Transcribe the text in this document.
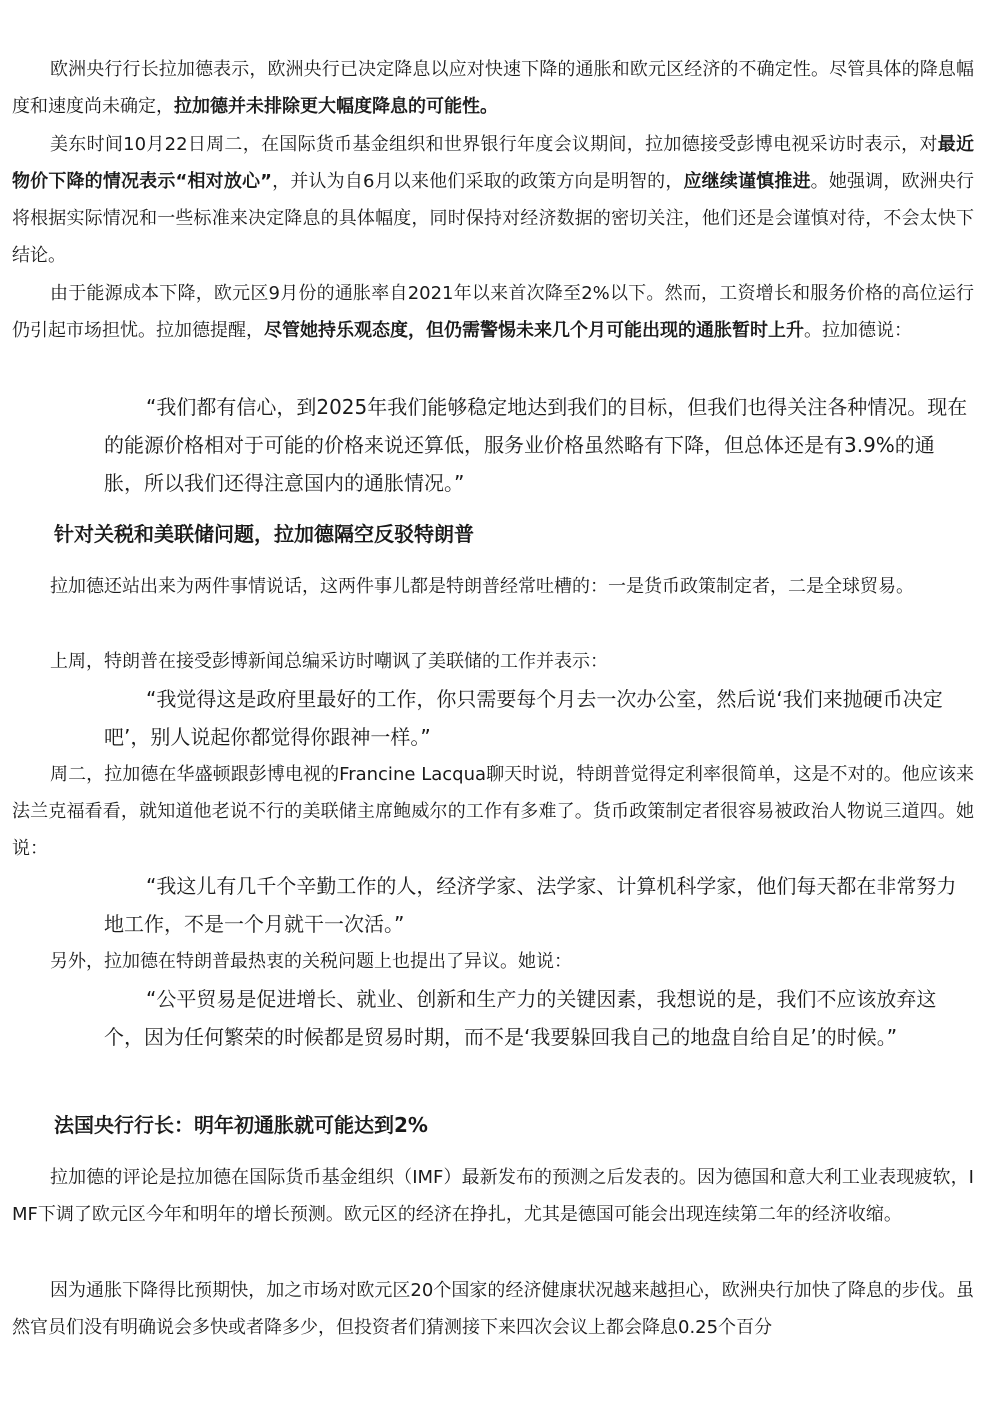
欧洲央行行长拉加德表示，欧洲央行已决定降息以应对快速下降的通胀和欧元区经济的不确定性。尽管具体的降息幅度和速度尚未确定，拉加德并未排除更大幅度降息的可能性。

美东时间10月22日周二，在国际货币基金组织和世界银行年度会议期间，拉加德接受彭博电视采访时表示，对最近物价下降的情况表示“相对放心”，并认为自6月以来他们采取的政策方向是明智的，应继续谨慎推进。她强调，欧洲央行将根据实际情况和一些标准来决定降息的具体幅度，同时保持对经济数据的密切关注，他们还是会谨慎对待，不会太快下结论。

由于能源成本下降，欧元区9月份的通胀率自2021年以来首次降至2%以下。然而，工资增长和服务价格的高位运行仍引起市场担忧。拉加德提醒，尽管她持乐观态度，但仍需警惕未来几个月可能出现的通胀暂时上升。拉加德说：

“我们都有信心，到2025年我们能够稳定地达到我们的目标，但我们也得关注各种情况。现在的能源价格相对于可能的价格来说还算低，服务业价格虽然略有下降，但总体还是有3.9%的通胀，所以我们还得注意国内的通胀情况。”

针对关税和美联储问题，拉加德隔空反驳特朗普

拉加德还站出来为两件事情说话，这两件事儿都是特朗普经常吐槽的：一是货币政策制定者，二是全球贸易。

上周，特朗普在接受彭博新闻总编采访时嘲讽了美联储的工作并表示：

“我觉得这是政府里最好的工作，你只需要每个月去一次办公室，然后说‘我们来抛硬币决定吧’，别人说起你都觉得你跟神一样。”

周二，拉加德在华盛顿跟彭博电视的Francine Lacqua聊天时说，特朗普觉得定利率很简单，这是不对的。他应该来法兰克福看看，就知道他老说不行的美联储主席鲍威尔的工作有多难了。货币政策制定者很容易被政治人物说三道四。她说：

“我这儿有几千个辛勤工作的人，经济学家、法学家、计算机科学家，他们每天都在非常努力地工作，不是一个月就干一次活。”

另外，拉加德在特朗普最热衷的关税问题上也提出了异议。她说：

“公平贸易是促进增长、就业、创新和生产力的关键因素，我想说的是，我们不应该放弃这个，因为任何繁荣的时候都是贸易时期，而不是‘我要躲回我自己的地盘自给自足’的时候。”

法国央行行长：明年初通胀就可能达到2%

拉加德的评论是拉加德在国际货币基金组织（IMF）最新发布的预测之后发表的。因为德国和意大利工业表现疲软，IMF下调了欧元区今年和明年的增长预测。欧元区的经济在挣扎，尤其是德国可能会出现连续第二年的经济收缩。

因为通胀下降得比预期快，加之市场对欧元区20个国家的经济健康状况越来越担心，欧洲央行加快了降息的步伐。虽然官员们没有明确说会多快或者降多少，但投资者们猜测接下来四次会议上都会降息0.25个百分
